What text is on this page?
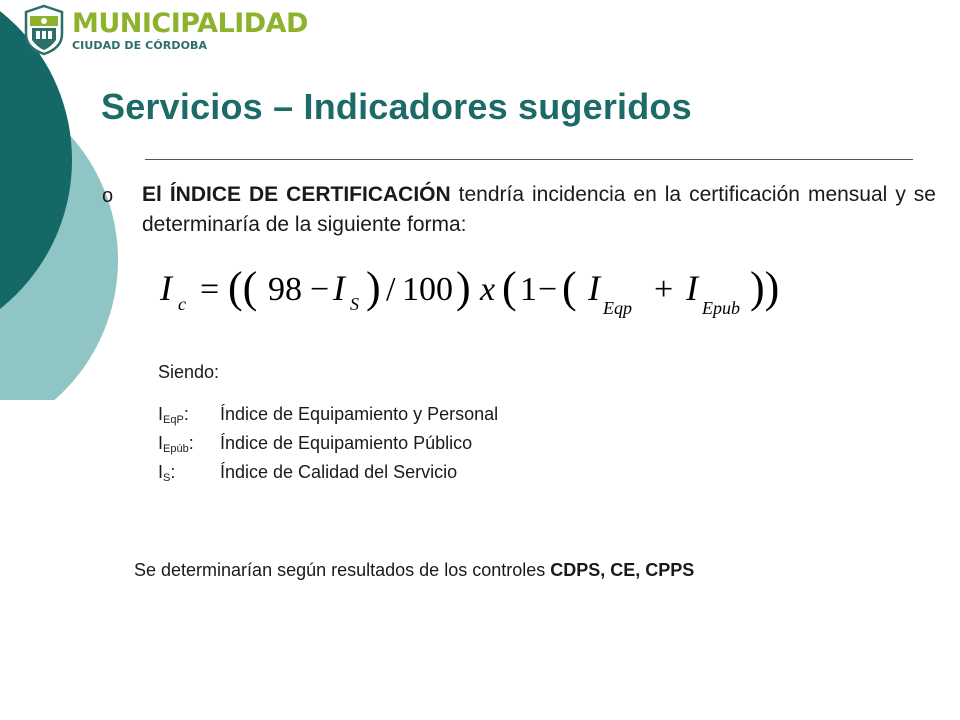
MUNICIPALIDAD
CIUDAD DE CÓRDOBA
Servicios – Indicadores sugeridos
o El ÍNDICE DE CERTIFICACIÓN tendría incidencia en la certificación mensual y se determinaría de la siguiente forma:
I c = (( 98 − I S ) / 100 ) x ( 1 − ( I Eqp + I Epub ))
Siendo:
$I_{EqP}$: Índice de Equipamiento y Personal
$I_{Epúb}$: Índice de Equipamiento Público
$I_S$: Índice de Calidad del Servicio
Se determinarían según resultados de los controles CDPS, CE, CPPS
